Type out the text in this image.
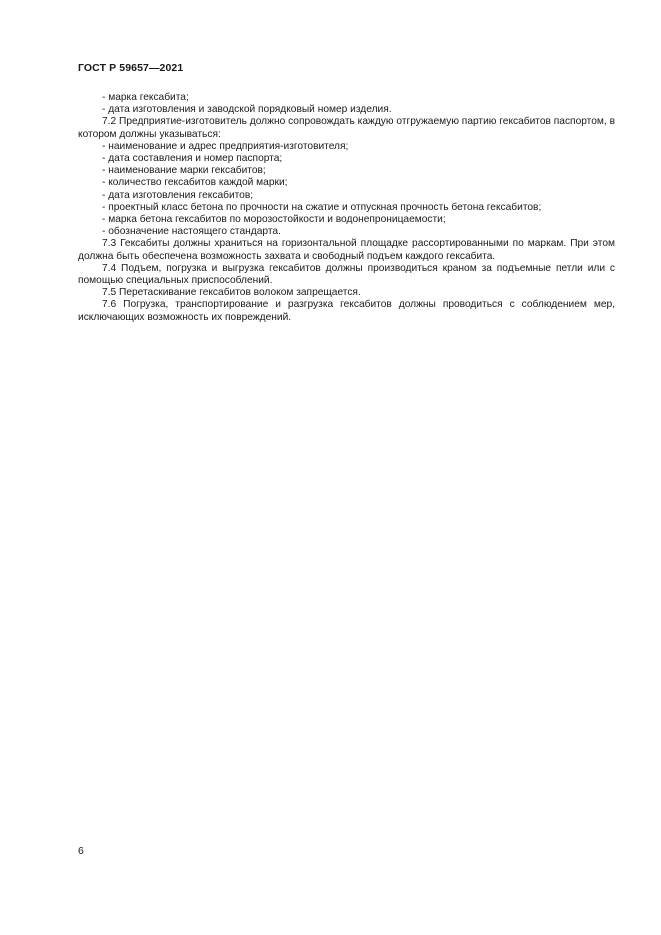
ГОСТ Р 59657—2021

- марка гексабита;

- дата изготовления и заводской порядковый номер изделия.

7.2 Предприятие-изготовитель должно сопровождать каждую отгружаемую партию гексабитов паспортом, в котором должны указываться:

- наименование и адрес предприятия-изготовителя;

- дата составления и номер паспорта;

- наименование марки гексабитов;

- количество гексабитов каждой марки;

- дата изготовления гексабитов;

- проектный класс бетона по прочности на сжатие и отпускная прочность бетона гексабитов;

- марка бетона гексабитов по морозостойкости и водонепроницаемости;

- обозначение настоящего стандарта.

7.3 Гексабиты должны храниться на горизонтальной площадке рассортированными по маркам. При этом должна быть обеспечена возможность захвата и свободный подъем каждого гексабита.

7.4 Подъем, погрузка и выгрузка гексабитов должны производиться краном за подъемные петли или с помощью специальных приспособлений.

7.5 Перетаскивание гексабитов волоком запрещается.

7.6 Погрузка, транспортирование и разгрузка гексабитов должны проводиться с соблюдением мер, исключающих возможность их повреждений.

6
